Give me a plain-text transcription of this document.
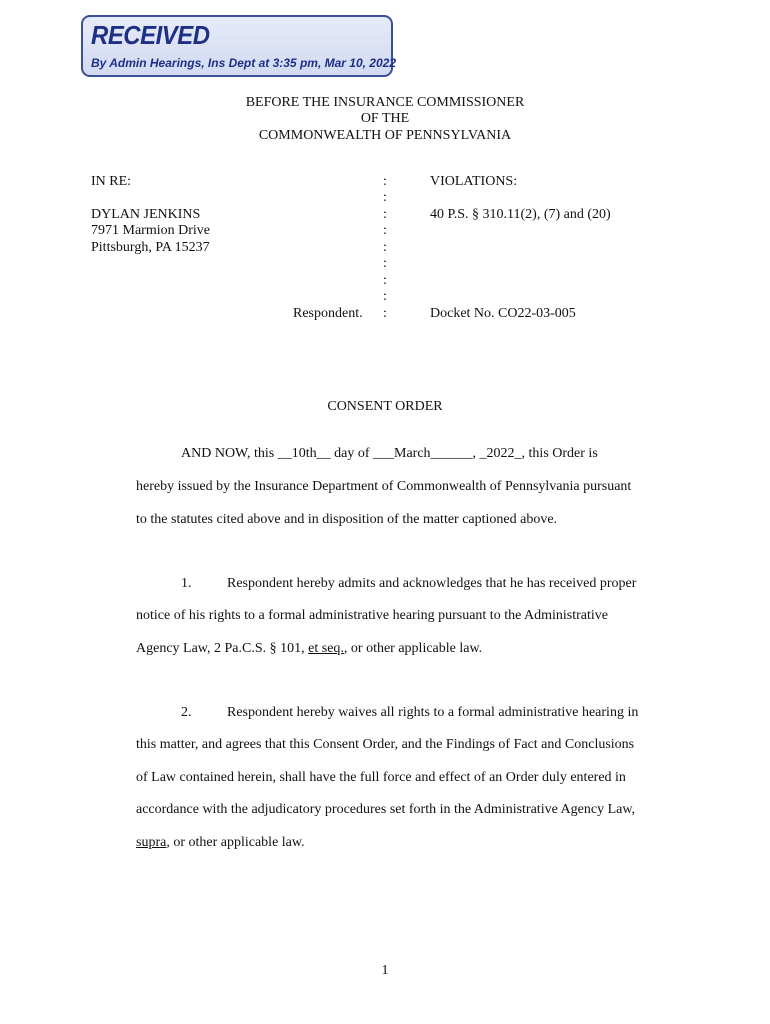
RECEIVED
By Admin Hearings, Ins Dept at 3:35 pm, Mar 10, 2022
BEFORE THE INSURANCE COMMISSIONER
OF THE
COMMONWEALTH OF PENNSYLVANIA
IN RE:
DYLAN JENKINS
7971 Marmion Drive
Pittsburgh, PA 15237
Respondent.
:
:
:
:
:
:
:
:
:
VIOLATIONS:
40 P.S. § 310.11(2), (7) and (20)
Docket No. CO22-03-005
CONSENT ORDER
AND NOW, this __10th__ day of ___March______, _2022_, this Order is
hereby issued by the Insurance Department of Commonwealth of Pennsylvania pursuant
to the statutes cited above and in disposition of the matter captioned above.
1.	Respondent hereby admits and acknowledges that he has received proper
notice of his rights to a formal administrative hearing pursuant to the Administrative
Agency Law, 2 Pa.C.S. § 101, et seq., or other applicable law.
2.	Respondent hereby waives all rights to a formal administrative hearing in
this matter, and agrees that this Consent Order, and the Findings of Fact and Conclusions
of Law contained herein, shall have the full force and effect of an Order duly entered in
accordance with the adjudicatory procedures set forth in the Administrative Agency Law,
supra, or other applicable law.
1
